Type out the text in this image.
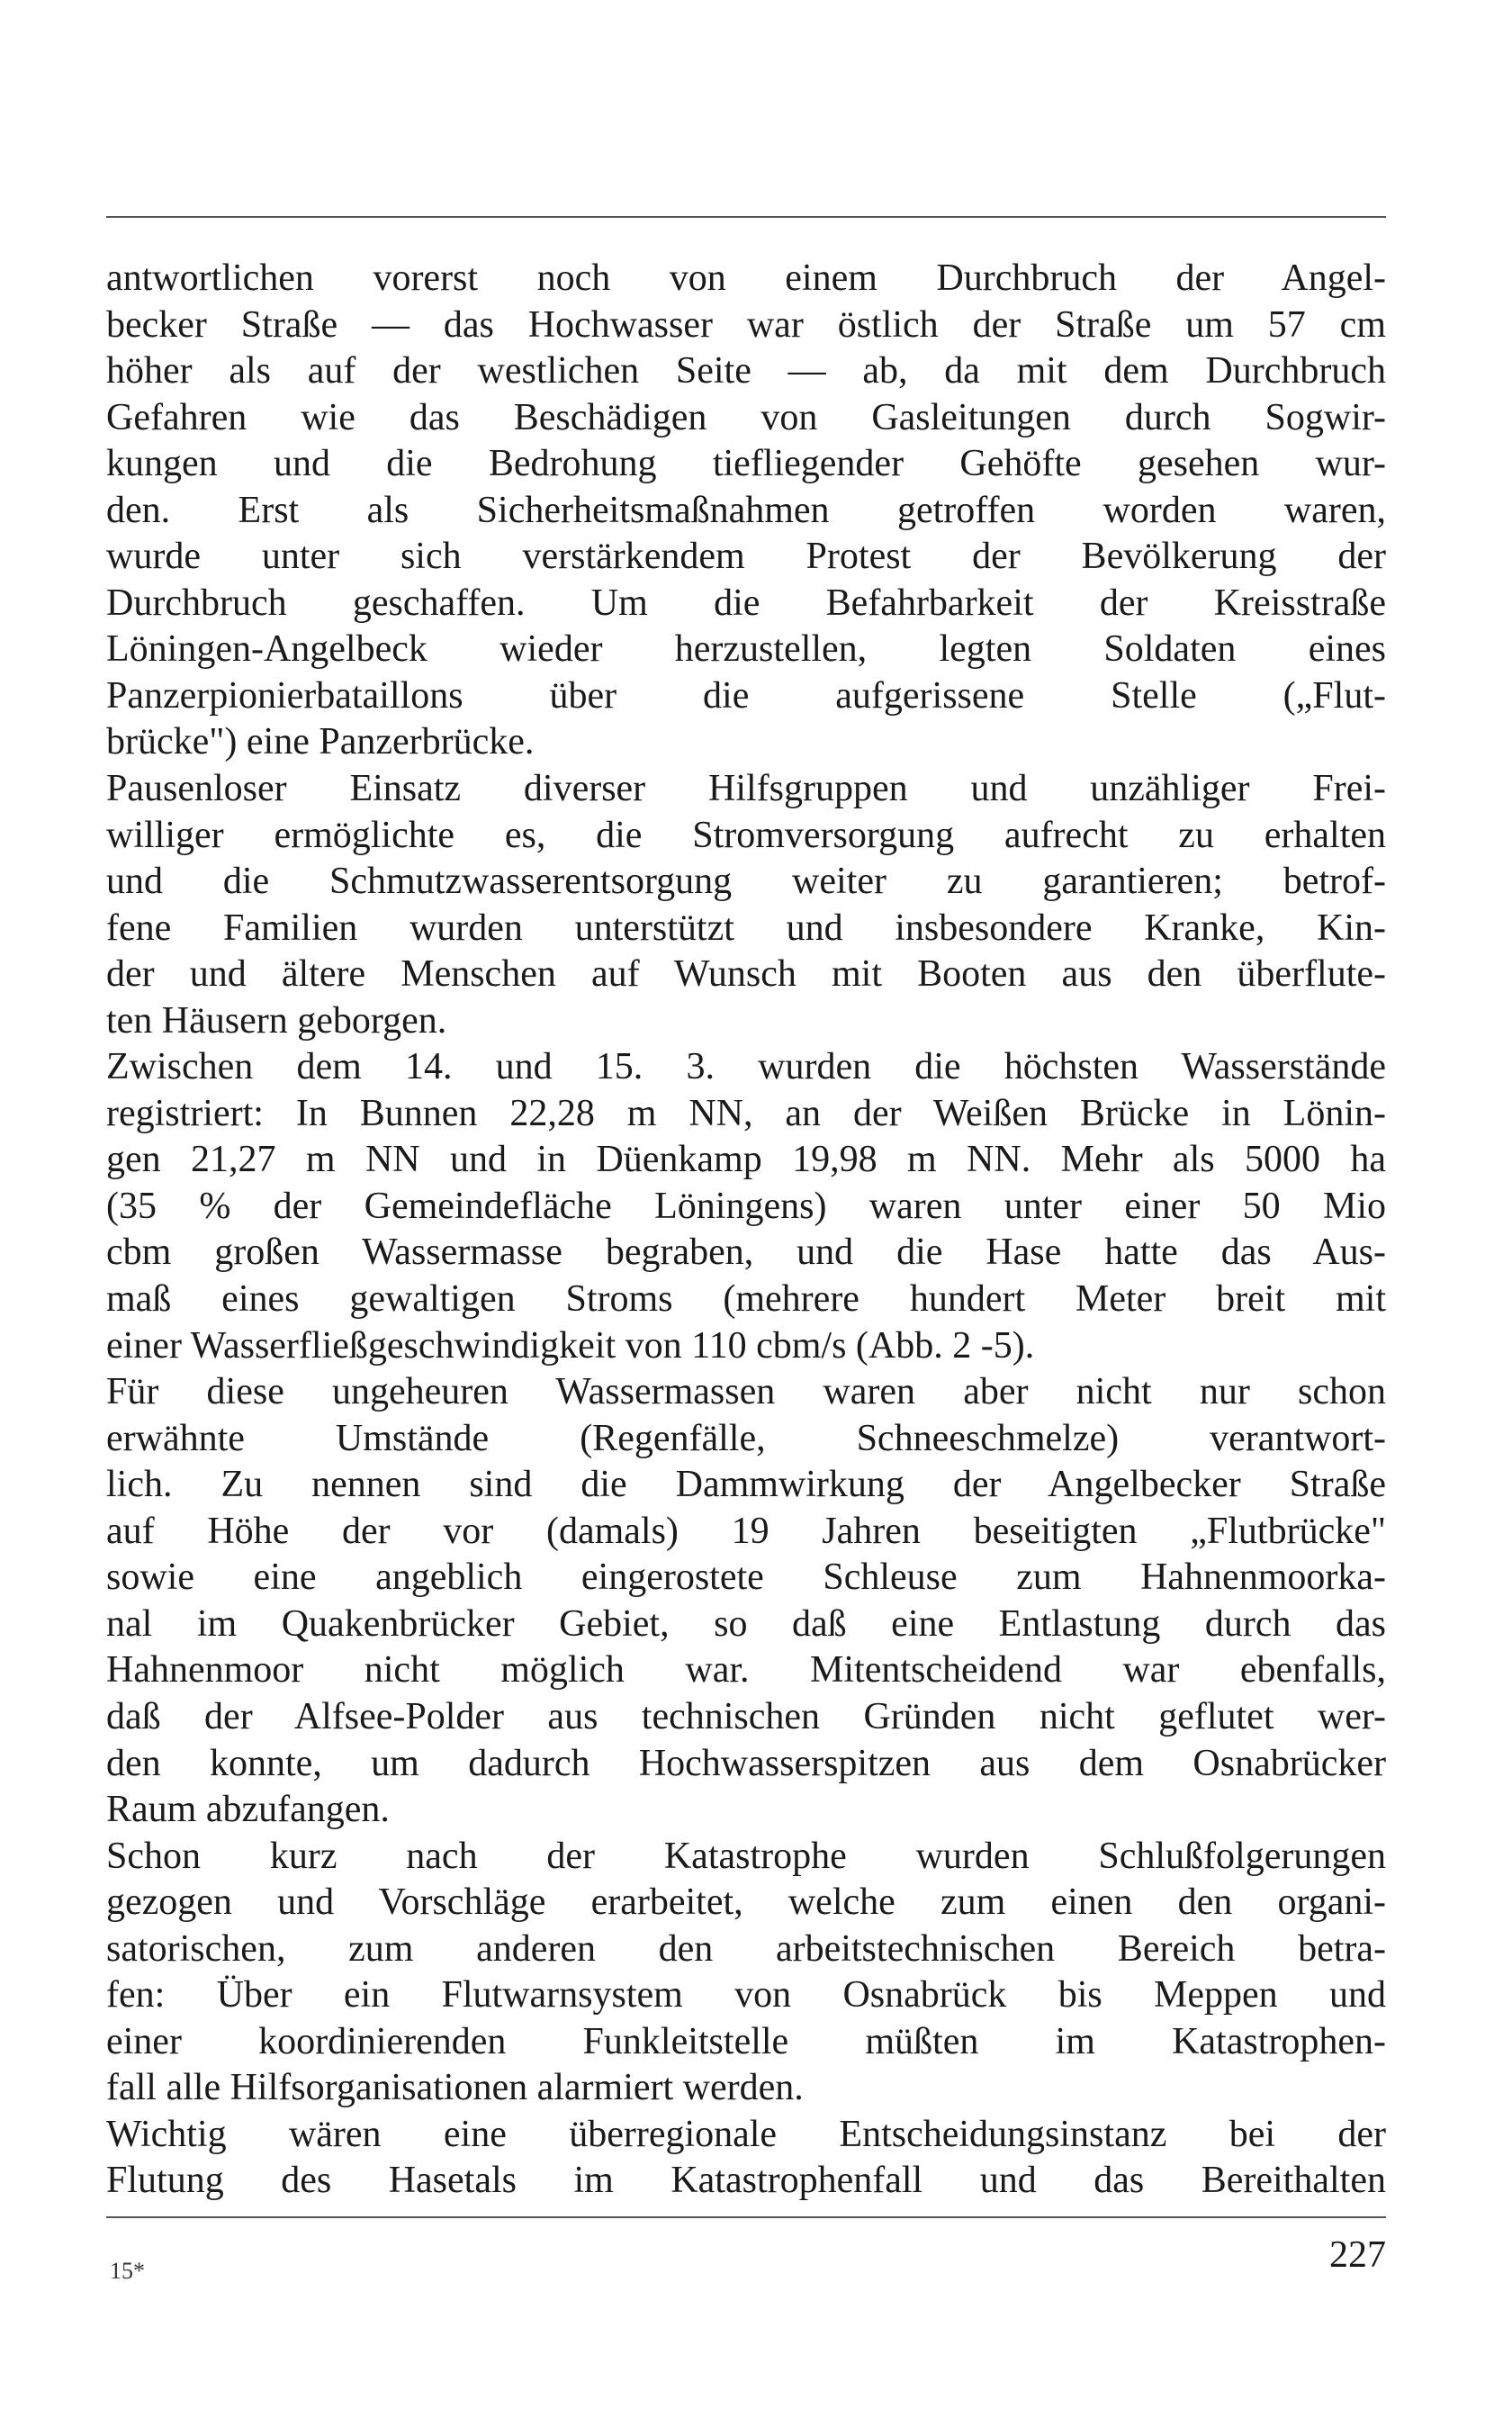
antwortlichen vorerst noch von einem Durchbruch der Angel-
becker Straße — das Hochwasser war östlich der Straße um 57 cm
höher als auf der westlichen Seite — ab, da mit dem Durchbruch
Gefahren wie das Beschädigen von Gasleitungen durch Sogwir-
kungen und die Bedrohung tiefliegender Gehöfte gesehen wur-
den. Erst als Sicherheitsmaßnahmen getroffen worden waren,
wurde unter sich verstärkendem Protest der Bevölkerung der
Durchbruch geschaffen. Um die Befahrbarkeit der Kreisstraße
Löningen-Angelbeck wieder herzustellen, legten Soldaten eines
Panzerpionierbataillons über die aufgerissene Stelle („Flut-
brücke") eine Panzerbrücke.
Pausenloser Einsatz diverser Hilfsgruppen und unzähliger Frei-
williger ermöglichte es, die Stromversorgung aufrecht zu erhalten
und die Schmutzwasserentsorgung weiter zu garantieren; betrof-
fene Familien wurden unterstützt und insbesondere Kranke, Kin-
der und ältere Menschen auf Wunsch mit Booten aus den überflute-
ten Häusern geborgen.
Zwischen dem 14. und 15. 3. wurden die höchsten Wasserstände
registriert: In Bunnen 22,28 m NN, an der Weißen Brücke in Lönin-
gen 21,27 m NN und in Düenkamp 19,98 m NN. Mehr als 5000 ha
(35 % der Gemeindefläche Löningens) waren unter einer 50 Mio
cbm großen Wassermasse begraben, und die Hase hatte das Aus-
maß eines gewaltigen Stroms (mehrere hundert Meter breit mit
einer Wasserfließgeschwindigkeit von 110 cbm/s (Abb. 2 -5).
Für diese ungeheuren Wassermassen waren aber nicht nur schon
erwähnte Umstände (Regenfälle, Schneeschmelze) verantwort-
lich. Zu nennen sind die Dammwirkung der Angelbecker Straße
auf Höhe der vor (damals) 19 Jahren beseitigten „Flutbrücke"
sowie eine angeblich eingerostete Schleuse zum Hahnenmoorka-
nal im Quakenbrücker Gebiet, so daß eine Entlastung durch das
Hahnenmoor nicht möglich war. Mitentscheidend war ebenfalls,
daß der Alfsee-Polder aus technischen Gründen nicht geflutet wer-
den konnte, um dadurch Hochwasserspitzen aus dem Osnabrücker
Raum abzufangen.
Schon kurz nach der Katastrophe wurden Schlußfolgerungen
gezogen und Vorschläge erarbeitet, welche zum einen den organi-
satorischen, zum anderen den arbeitstechnischen Bereich betra-
fen: Über ein Flutwarnsystem von Osnabrück bis Meppen und
einer koordinierenden Funkleitstelle müßten im Katastrophen-
fall alle Hilfsorganisationen alarmiert werden.
Wichtig wären eine überregionale Entscheidungsinstanz bei der
Flutung des Hasetals im Katastrophenfall und das Bereithalten
15*	227
